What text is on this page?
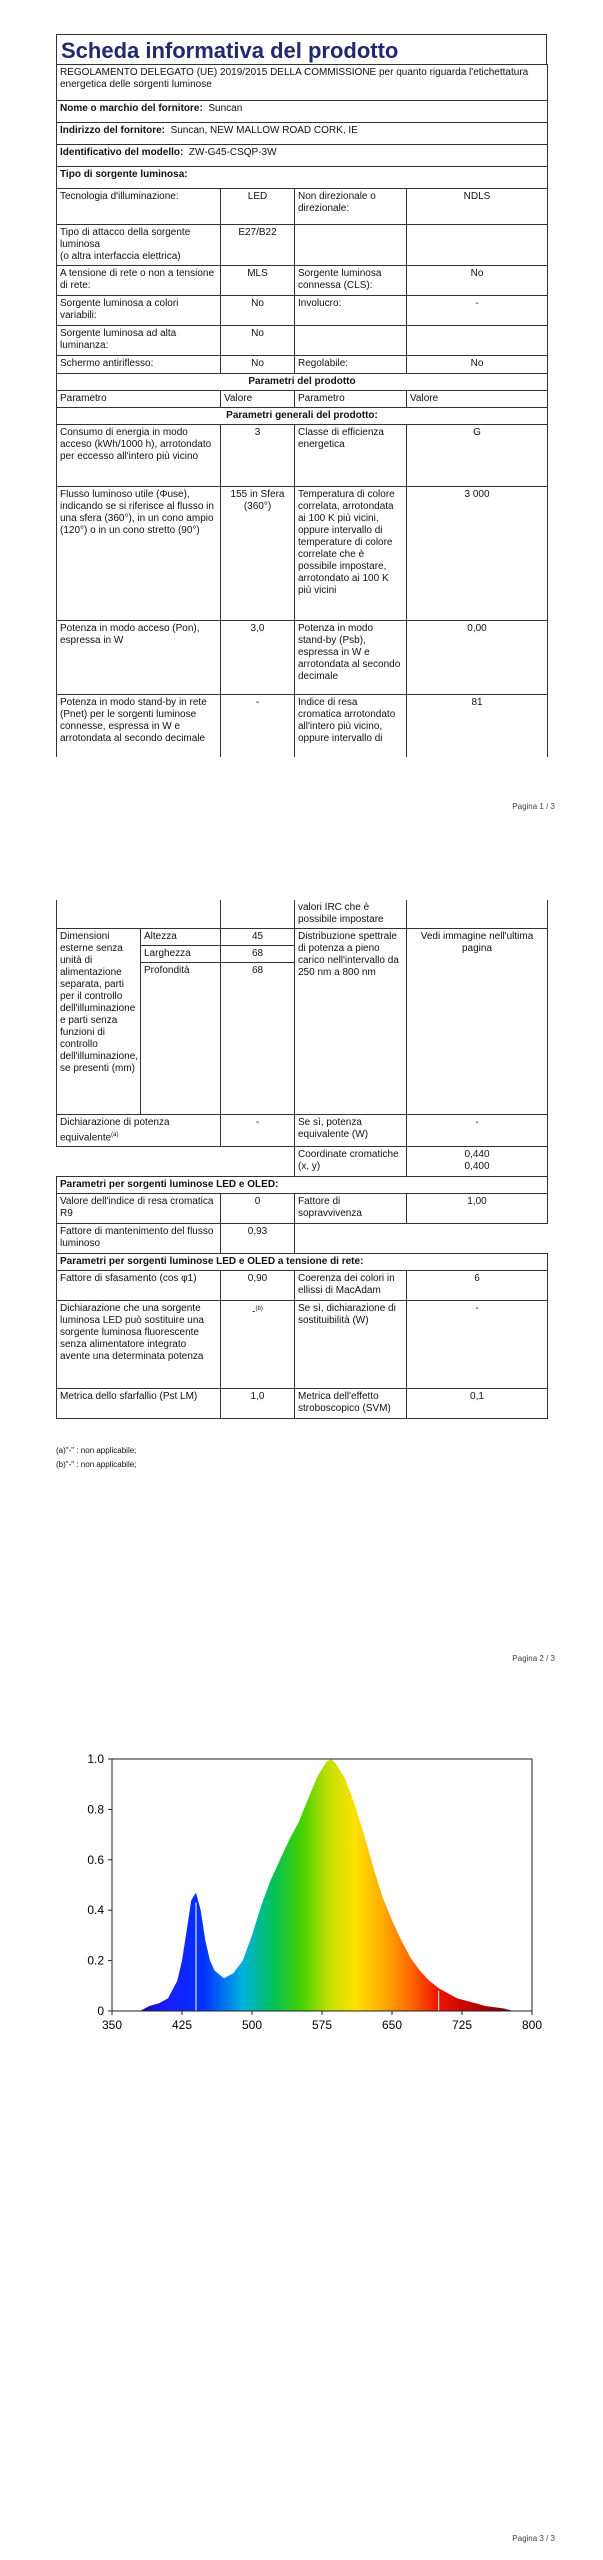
Scheda informativa del prodotto
REGOLAMENTO DELEGATO (UE) 2019/2015 DELLA COMMISSIONE per quanto riguarda l'etichettatura energetica delle sorgenti luminose			
Nome o marchio del fornitore: Suncan			
Indirizzo del fornitore: Suncan, NEW MALLOW ROAD CORK, IE			
Identificativo del modello: ZW-G45-CSQP-3W			
Tipo di sorgente luminosa:			
Tecnologia d'illuminazione:	LED	Non direzionale o direzionale:	NDLS

Tipo di attacco della sorgente luminosa
(o altra interfaccia elettrica)	E27/B22		
A tensione di rete o non a tensione di rete:	MLS	Sorgente luminosa connessa (CLS):	No
Sorgente luminosa a colori variabili:	No	Involucro:	-
Sorgente luminosa ad alta luminanza:	No		
Schermo antiriflesso:	No	Regolabile:	No
Parametri del prodotto			
Parametro	Valore	Parametro	Valore
Parametri generali del prodotto:			
Consumo di energia in modo acceso (kWh/1000 h), arrotondato per eccesso all'intero più vicino	3	Classe di efficienza energetica	G
Flusso luminoso utile (Φuse), indicando se si riferisce al flusso in una sfera (360°), in un cono ampio (120°) o in un cono stretto (90°)	155 in Sfera (360°)	Temperatura di colore correlata, arrotondata ai 100 K più vicini, oppure intervallo di temperature di colore correlate che è possibile impostare, arrotondato ai 100 K più vicini	3 000
Potenza in modo acceso (Pon), espressa in W	3,0	Potenza in modo stand-by (Psb), espressa in W e arrotondata al secondo decimale	0,00
Potenza in modo stand-by in rete (Pnet) per le sorgenti luminose connesse, espressa in W e arrotondata al secondo decimale	-	Indice di resa cromatica arrotondato all'intero più vicino, oppure intervallo di	81
Pagina 1 / 3
			valori IRC che è possibile impostare	
Dimensioni esterne senza unità di alimentazione separata, parti per il controllo dell'illuminazione e parti senza funzioni di controllo dell'illuminazione, se presenti (mm)	Altezza	45	Distribuzione spettrale di potenza a pieno carico nell'intervallo da 250 nm a 800 nm	Vedi immagine nell'ultima pagina
	Larghezza	68		
	Profondità	68		
Dichiarazione di potenza equivalente$^{(a)}$		-	Se sì, potenza equivalente (W)	-
			Coordinate cromatiche (x, y)	0,440
0,400

Parametri per sorgenti luminose LED e OLED:				
Valore dell'indice di resa cromatica R9		0	Fattore di sopravvivenza	1,00
Fattore di mantenimento del flusso luminoso		0,93		
Parametri per sorgenti luminose LED e OLED a tensione di rete:				
Fattore di sfasamento (cos φ1)		0,90	Coerenza dei colori in ellissi di MacAdam	6
Dichiarazione che una sorgente luminosa LED può sostituire una sorgente luminosa fluorescente senza alimentatore integrato avente una determinata potenza		-$^{(b)}$	Se sì, dichiarazione di sostituibilità (W)	-
Metrica dello sfarfallio (Pst LM)		1,0	Metrica dell'effetto stroboscopico (SVM)	0,1
(a)"-" : non applicabile;
(b)"-" : non applicabile;
Pagina 2 / 3
350	425	500	575	650	725	800
0
0.2
0.4
0.6
0.8
1.0
Pagina 3 / 3
